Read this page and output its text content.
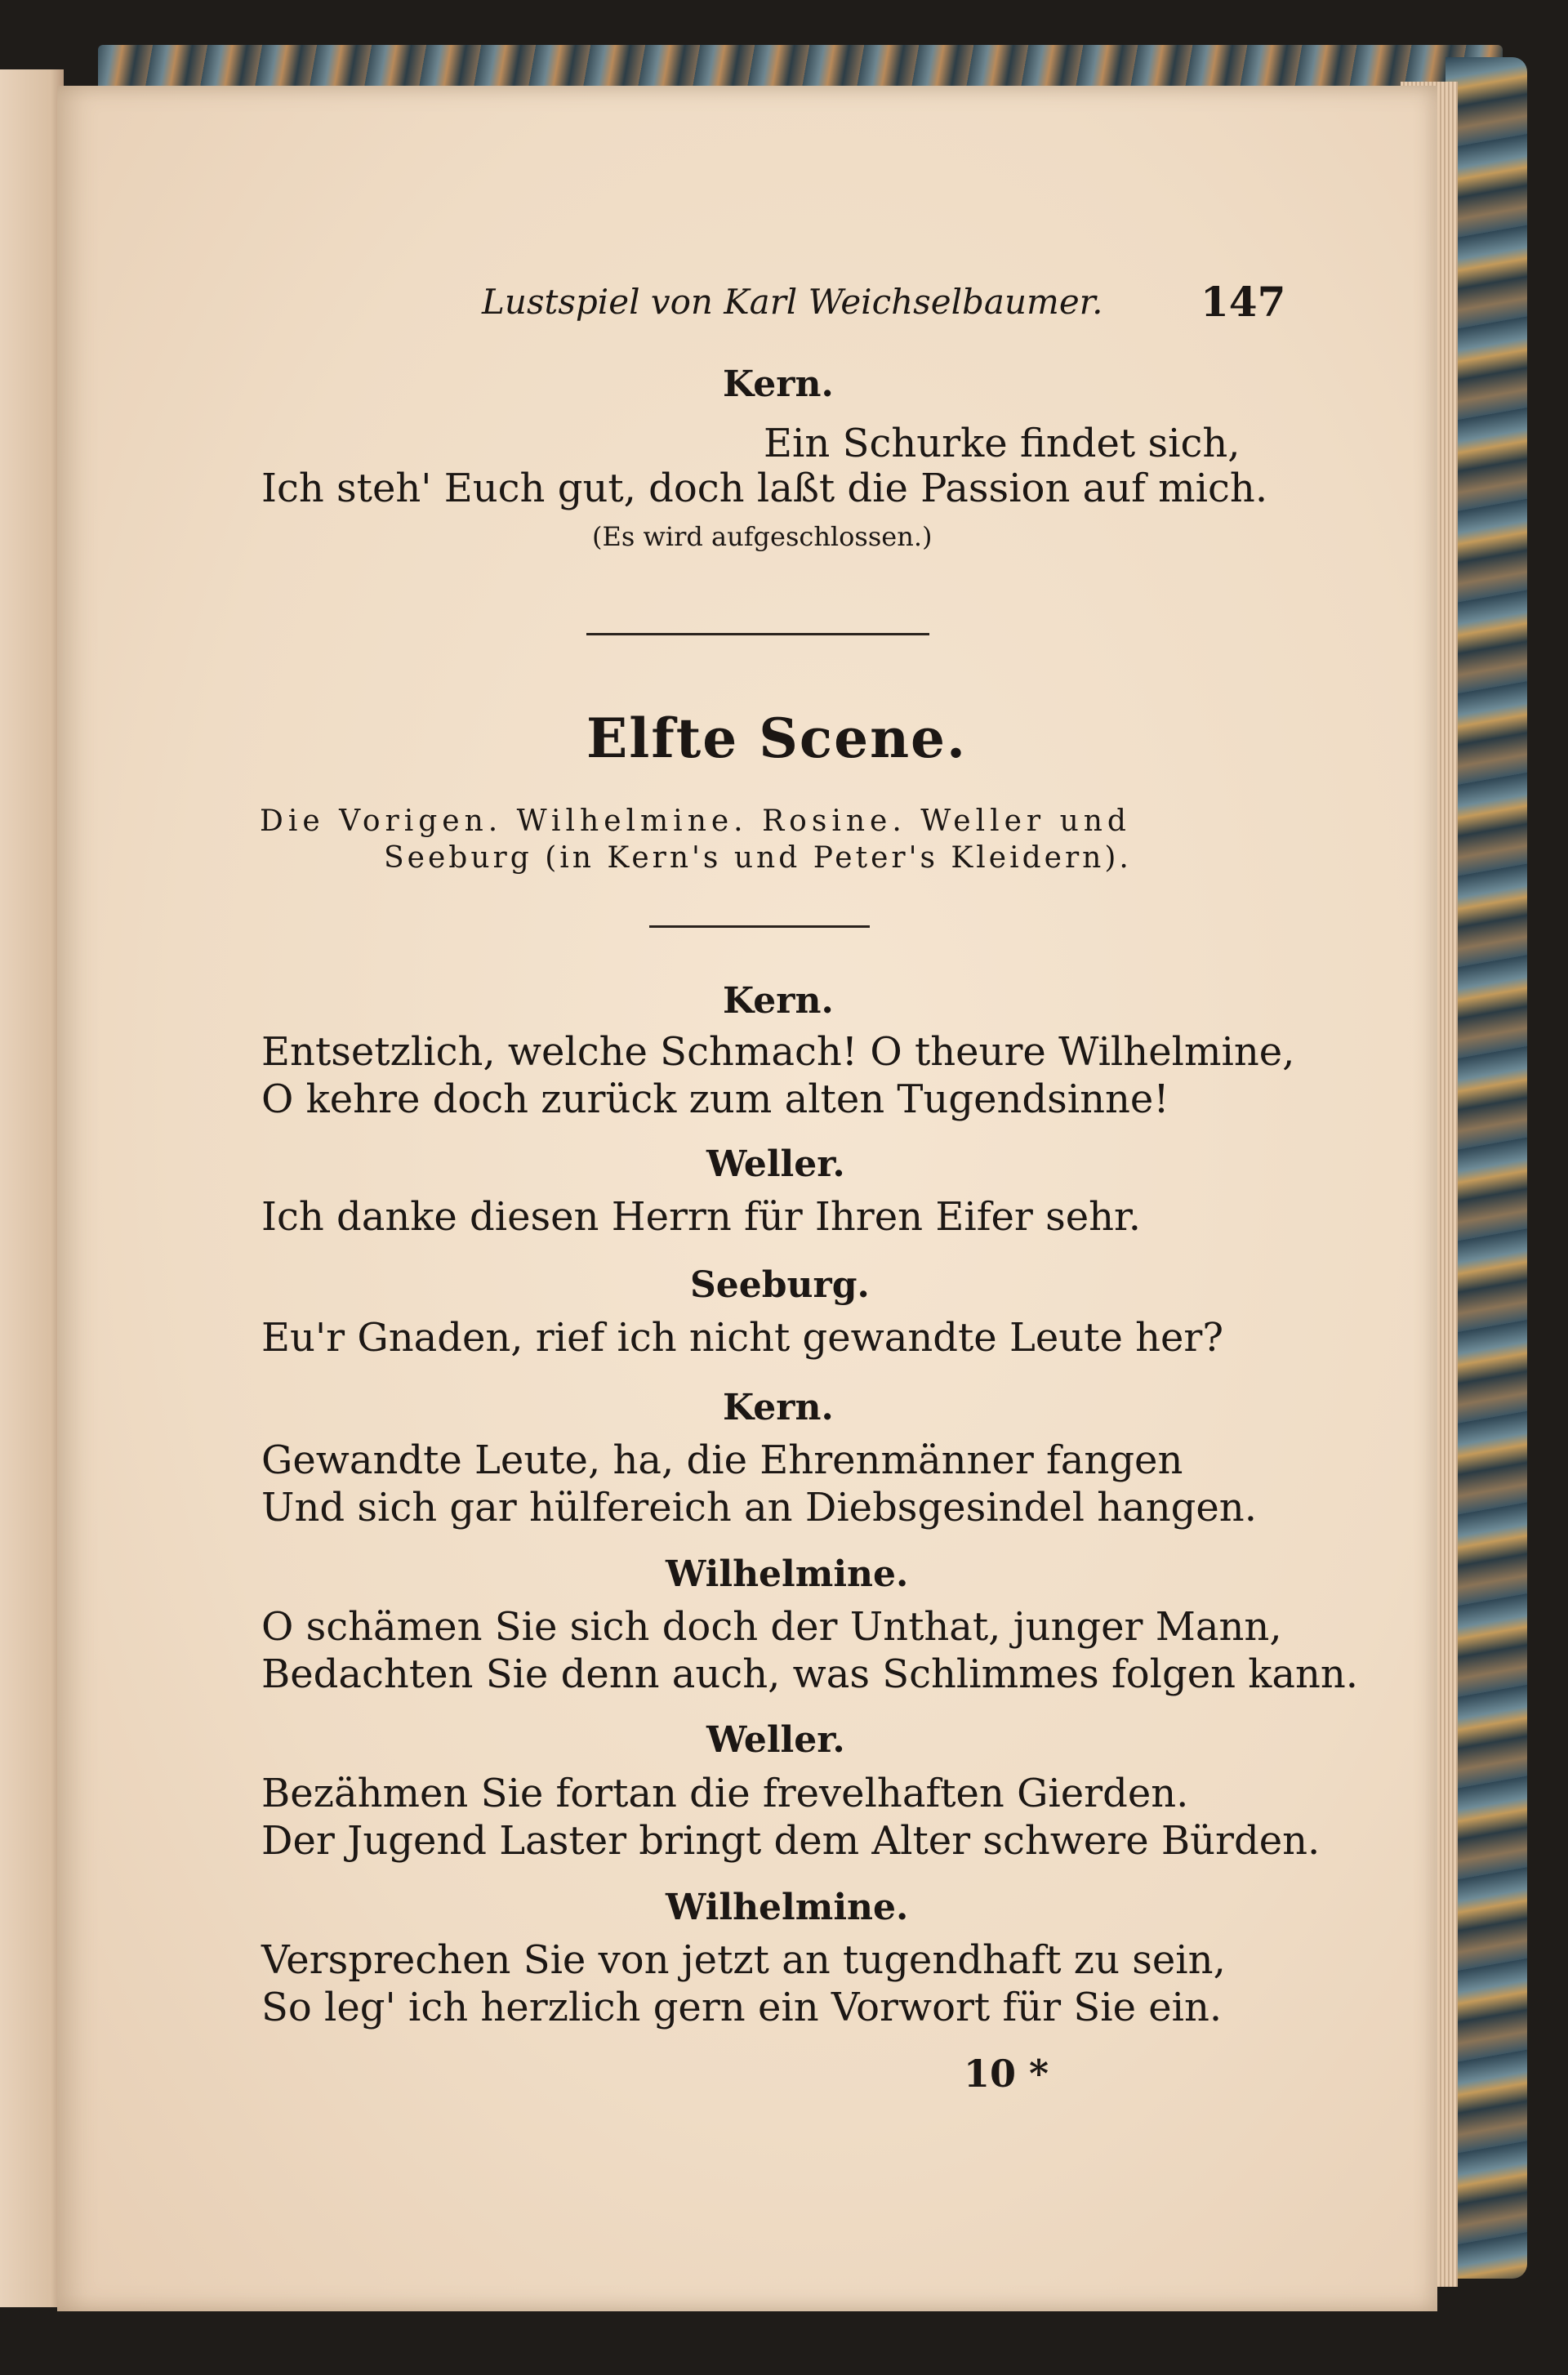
Lustspiel von Karl Weichselbaumer. 147
Kern.
Ein Schurke findet sich,
Ich steh' Euch gut, doch laßt die Passion auf mich.
(Es wird aufgeschlossen.)
Elfte Scene.
Die Vorigen. Wilhelmine. Rosine. Weller und
Seeburg (in Kern's und Peter's Kleidern).
Kern.
Entsetzlich, welche Schmach! O theure Wilhelmine,
O kehre doch zurück zum alten Tugendsinne!
Weller.
Ich danke diesen Herrn für Ihren Eifer sehr.
Seeburg.
Eu'r Gnaden, rief ich nicht gewandte Leute her?
Kern.
Gewandte Leute, ha, die Ehrenmänner fangen
Und sich gar hülfereich an Diebsgesindel hangen.
Wilhelmine.
O schämen Sie sich doch der Unthat, junger Mann,
Bedachten Sie denn auch, was Schlimmes folgen kann.
Weller.
Bezähmen Sie fortan die frevelhaften Gierden.
Der Jugend Laster bringt dem Alter schwere Bürden.
Wilhelmine.
Versprechen Sie von jetzt an tugendhaft zu sein,
So leg' ich herzlich gern ein Vorwort für Sie ein.
10 *
